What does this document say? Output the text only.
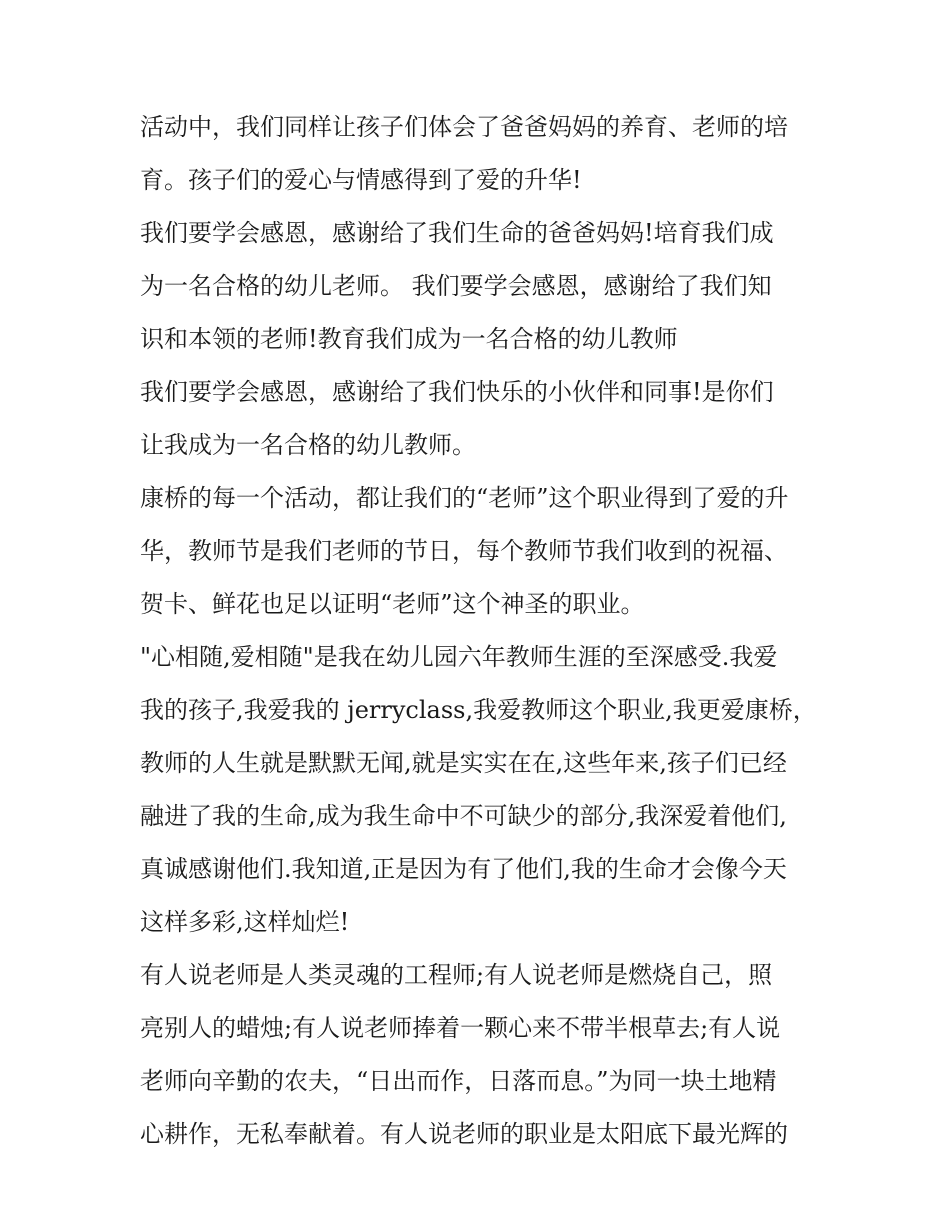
活动中，我们同样让孩子们体会了爸爸妈妈的养育、老师的培
育。孩子们的爱心与情感得到了爱的升华!
我们要学会感恩，感谢给了我们生命的爸爸妈妈!培育我们成
为一名合格的幼儿老师。 我们要学会感恩，感谢给了我们知
识和本领的老师!教育我们成为一名合格的幼儿教师
我们要学会感恩，感谢给了我们快乐的小伙伴和同事!是你们
让我成为一名合格的幼儿教师。
康桥的每一个活动，都让我们的“老师”这个职业得到了爱的升
华，教师节是我们老师的节日，每个教师节我们收到的祝福、
贺卡、鲜花也足以证明“老师”这个神圣的职业。
"心相随,爱相随"是我在幼儿园六年教师生涯的至深感受.我爱
我的孩子,我爱我的 jerryclass,我爱教师这个职业,我更爱康桥，
教师的人生就是默默无闻,就是实实在在,这些年来,孩子们已经
融进了我的生命,成为我生命中不可缺少的部分,我深爱着他们,
真诚感谢他们.我知道,正是因为有了他们,我的生命才会像今天
这样多彩,这样灿烂!
有人说老师是人类灵魂的工程师;有人说老师是燃烧自己，照
亮别人的蜡烛;有人说老师捧着一颗心来不带半根草去;有人说
老师向辛勤的农夫，“日出而作，日落而息。”为同一块土地精
心耕作，无私奉献着。有人说老师的职业是太阳底下最光辉的
